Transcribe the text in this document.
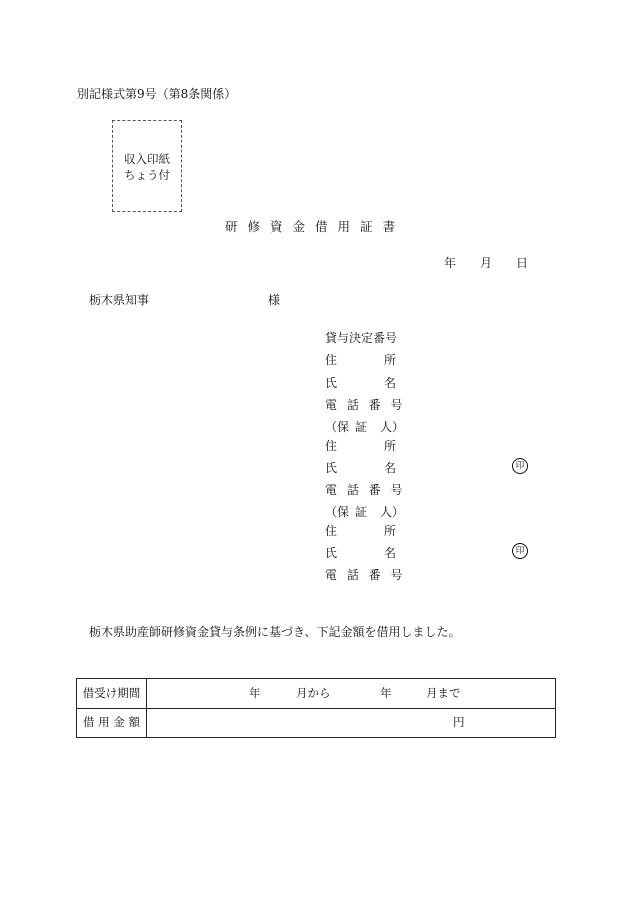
別記様式第9号（第8条関係）
収入印紙
ちょう付
研修資金借用証書
年 月 日
栃木県知事	様
貸与決定番号
住	所
氏	名
電 話 番 号
（保 証 人）
住	所
氏	名	印
電 話 番 号
（保 証 人）
住	所
氏	名	印
電 話 番 号
栃木県助産師研修資金貸与条例に基づき、下記金額を借用しました。
借受け期間	年	月から	年	月まで
借 用 金 額	円
